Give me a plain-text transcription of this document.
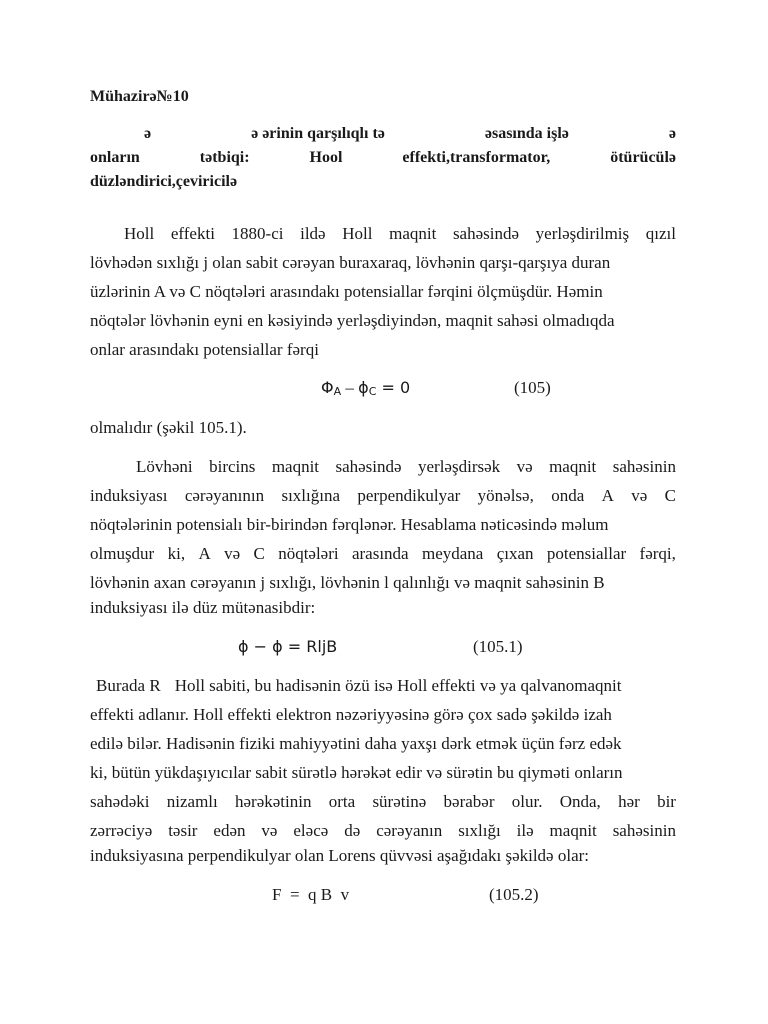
Mühazirə№10
ə	ə ərinin qarşılıqlı tə	əsasında işlə	ə
onların	tətbiqi:	Hool	effekti,transformator,	ötürücülə
düzləndirici,çeviricilə
Holl effekti 1880-ci ildə Holl maqnit sahəsində yerləşdirilmiş qızıl
lövhədən sıxlığı j olan sabit cərəyan buraxaraq, lövhənin qarşı-qarşıya duran
üzlərinin A və C nöqtələri arasındakı potensiallar fərqini ölçmüşdür. Həmin
nöqtələr lövhənin eyni en kəsiyində yerləşdiyindən, maqnit sahəsi olmadıqda
onlar arasındakı potensiallar fərqi
ΦA – ϕC = 0	(105)
olmalıdır (şəkil 105.1).
Lövhəni bircins maqnit sahəsində yerləşdirsək və maqnit sahəsinin
induksiyası cərəyanının sıxlığına perpendikulyar yönəlsə, onda A və C
nöqtələrinin potensialı bir-birindən fərqlənər. Hesablama nəticəsində məlum
olmuşdur ki, A və C nöqtələri arasında meydana çıxan potensiallar fərqi,
lövhənin axan cərəyanın j sıxlığı, lövhənin l qalınlığı və maqnit sahəsinin B
induksiyası ilə düz mütənasibdir:
ϕ − ϕ = RljB	(105.1)
Burada R Holl sabiti, bu hadisənin özü isə Holl effekti və ya qalvanomaqnit
effekti adlanır. Holl effekti elektron nəzəriyyəsinə görə çox sadə şəkildə izah
edilə bilər. Hadisənin fiziki mahiyyətini daha yaxşı dərk etmək üçün fərz edək
ki, bütün yükdaşıyıcılar sabit sürətlə hərəkət edir və sürətin bu qiyməti onların
sahədəki nizamlı hərəkətinin orta sürətinə bərabər olur. Onda, hər bir
zərrəciyə təsir edən və eləcə də cərəyanın sıxlığı ilə maqnit sahəsinin
induksiyasına perpendikulyar olan Lorens qüvvəsi aşağıdakı şəkildə olar:
F  =  q B  v	(105.2)
